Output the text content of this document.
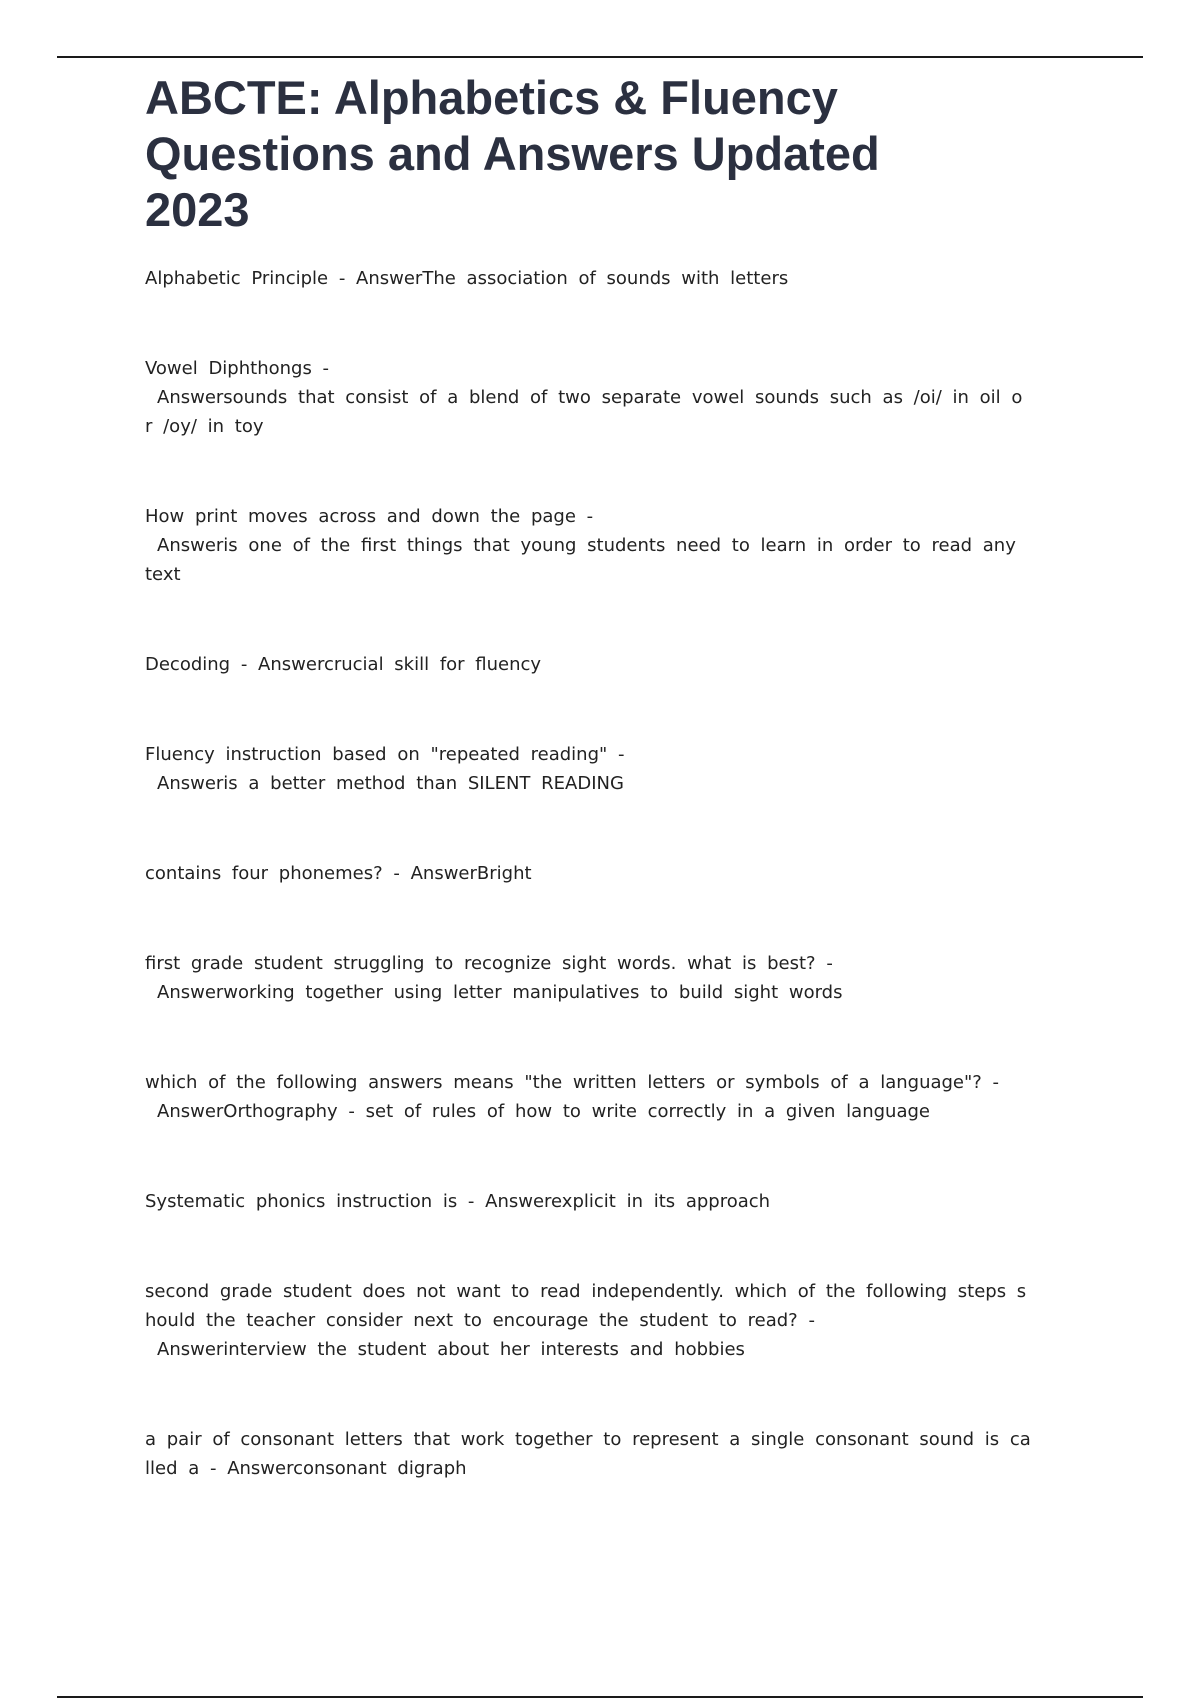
ABCTE: Alphabetics & Fluency
Questions and Answers Updated
2023

Alphabetic Principle - AnswerThe association of sounds with letters

Vowel Diphthongs -
Answersounds that consist of a blend of two separate vowel sounds such as /oi/ in oil o
r /oy/ in toy

How print moves across and down the page -
Answeris one of the first things that young students need to learn in order to read any
text

Decoding - Answercrucial skill for fluency

Fluency instruction based on "repeated reading" -
Answeris a better method than SILENT READING

contains four phonemes? - AnswerBright

first grade student struggling to recognize sight words. what is best? -
Answerworking together using letter manipulatives to build sight words

which of the following answers means "the written letters or symbols of a language"? -
AnswerOrthography - set of rules of how to write correctly in a given language

Systematic phonics instruction is - Answerexplicit in its approach

second grade student does not want to read independently. which of the following steps s
hould the teacher consider next to encourage the student to read? -
Answerinterview the student about her interests and hobbies

a pair of consonant letters that work together to represent a single consonant sound is ca
lled a - Answerconsonant digraph
